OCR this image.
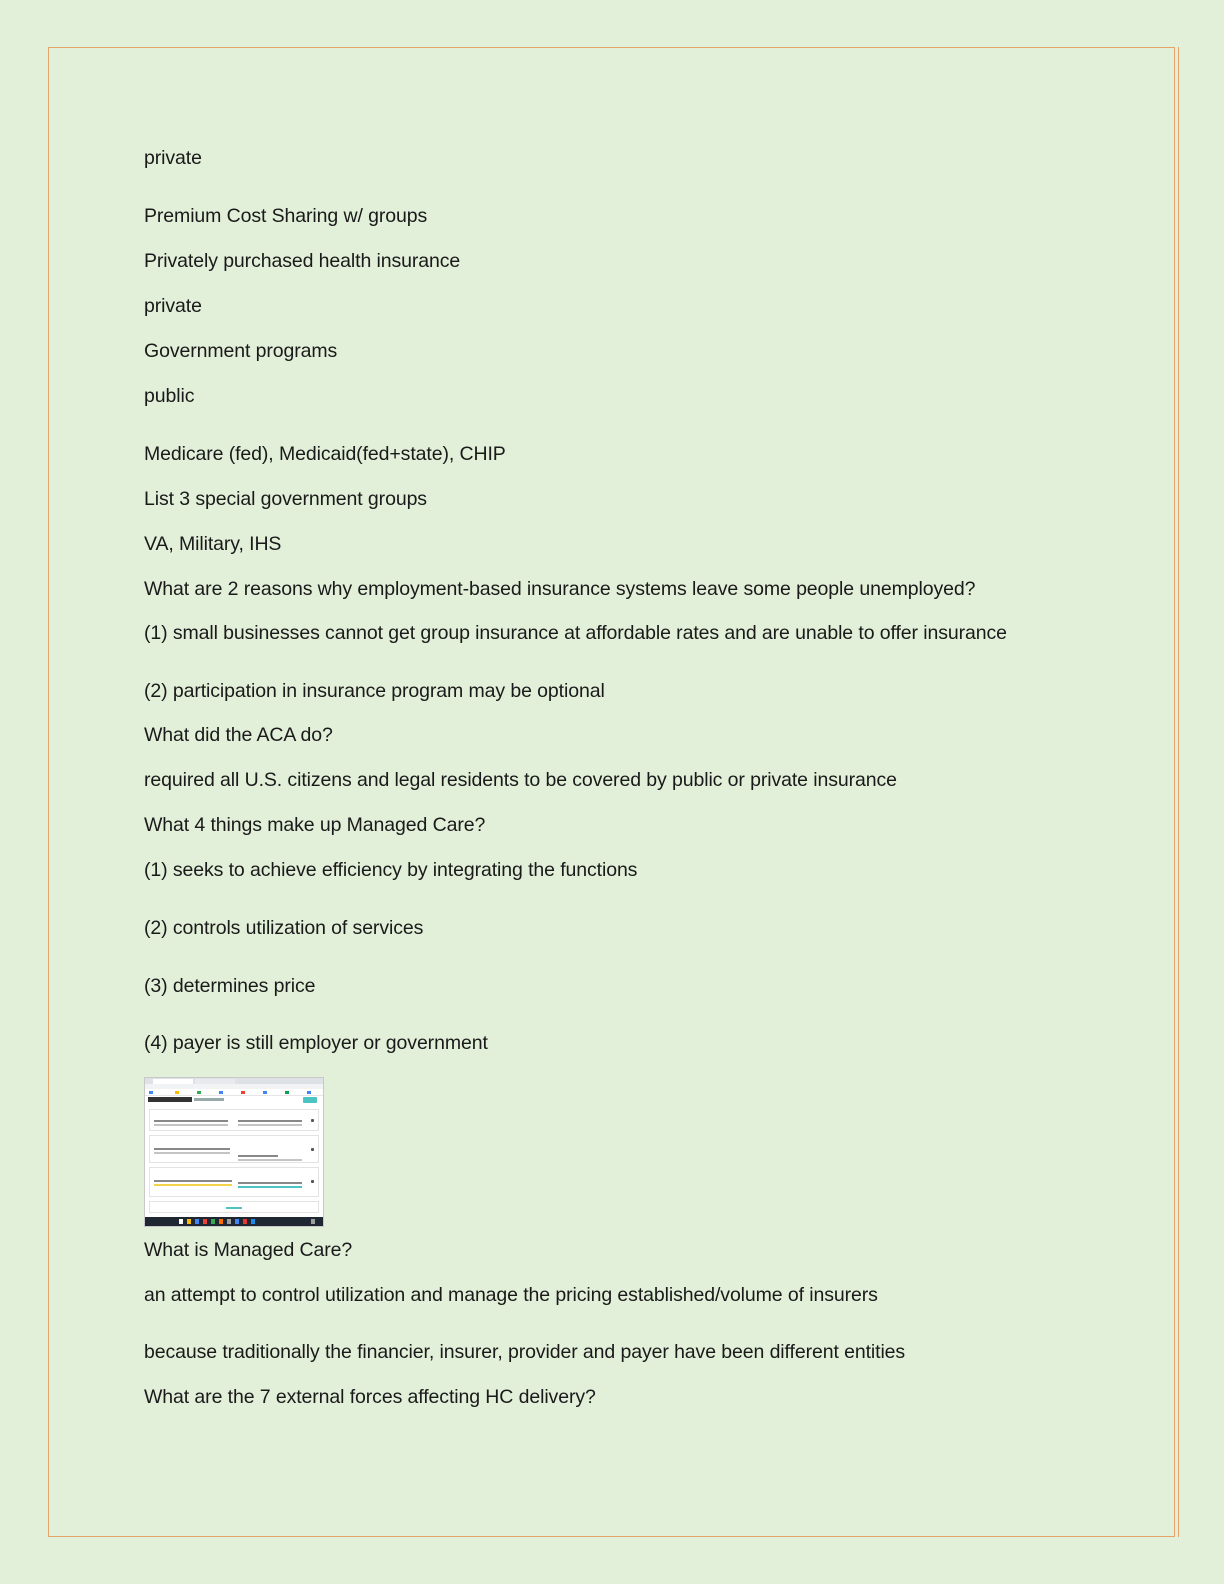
private
Premium Cost Sharing w/ groups
Privately purchased health insurance
private
Government programs
public
Medicare (fed), Medicaid(fed+state), CHIP
List 3 special government groups
VA, Military, IHS
What are 2 reasons why employment-based insurance systems leave some people unemployed?
(1) small businesses cannot get group insurance at affordable rates and are unable to offer insurance
(2) participation in insurance program may be optional
What did the ACA do?
required all U.S. citizens and legal residents to be covered by public or private insurance
What 4 things make up Managed Care?
(1) seeks to achieve efficiency by integrating the functions
(2) controls utilization of services
(3) determines price
(4) payer is still employer or government
What is Managed Care?
an attempt to control utilization and manage the pricing established/volume of insurers
because traditionally the financier, insurer, provider and payer have been different entities
What are the 7 external forces affecting HC delivery?
